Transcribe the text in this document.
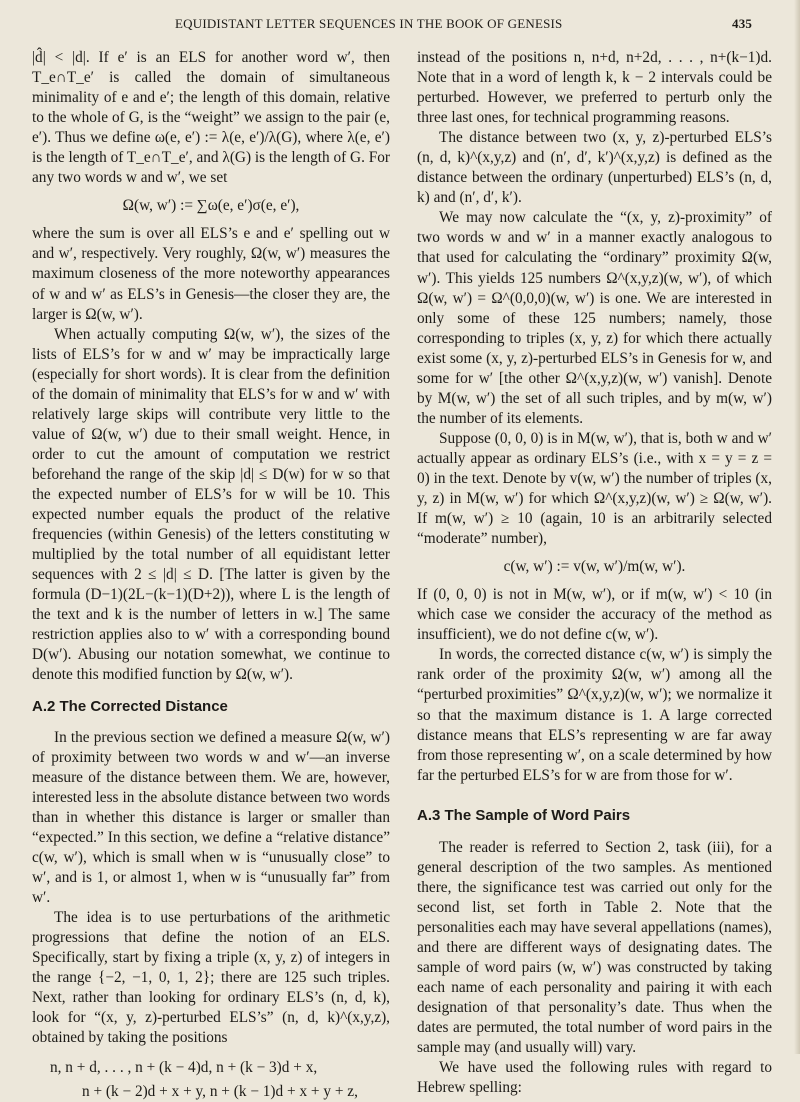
EQUIDISTANT LETTER SEQUENCES IN THE BOOK OF GENESIS	435

|d̂| < |d|. If e′ is an ELS for another word w′, then T_e∩T_e′ is called the domain of simultaneous minimality of e and e′; the length of this domain, relative to the whole of G, is the “weight” we assign to the pair (e, e′). Thus we define ω(e, e′) := λ(e, e′)/λ(G), where λ(e, e′) is the length of T_e∩T_e′, and λ(G) is the length of G. For any two words w and w′, we set

Ω(w, w′) := ∑ω(e, e′)σ(e, e′),

where the sum is over all ELS’s e and e′ spelling out w and w′, respectively. Very roughly, Ω(w, w′) measures the maximum closeness of the more noteworthy appearances of w and w′ as ELS’s in Genesis—the closer they are, the larger is Ω(w, w′).

When actually computing Ω(w, w′), the sizes of the lists of ELS’s for w and w′ may be impractically large (especially for short words). It is clear from the definition of the domain of minimality that ELS’s for w and w′ with relatively large skips will contribute very little to the value of Ω(w, w′) due to their small weight. Hence, in order to cut the amount of computation we restrict beforehand the range of the skip |d| ≤ D(w) for w so that the expected number of ELS’s for w will be 10. This expected number equals the product of the relative frequencies (within Genesis) of the letters constituting w multiplied by the total number of all equidistant letter sequences with 2 ≤ |d| ≤ D. [The latter is given by the formula (D−1)(2L−(k−1)(D+2)), where L is the length of the text and k is the number of letters in w.] The same restriction applies also to w′ with a corresponding bound D(w′). Abusing our notation somewhat, we continue to denote this modified function by Ω(w, w′).

A.2 The Corrected Distance

In the previous section we defined a measure Ω(w, w′) of proximity between two words w and w′—an inverse measure of the distance between them. We are, however, interested less in the absolute distance between two words than in whether this distance is larger or smaller than “expected.” In this section, we define a “relative distance” c(w, w′), which is small when w is “unusually close” to w′, and is 1, or almost 1, when w is “unusually far” from w′.

The idea is to use perturbations of the arithmetic progressions that define the notion of an ELS. Specifically, start by fixing a triple (x, y, z) of integers in the range {−2, −1, 0, 1, 2}; there are 125 such triples. Next, rather than looking for ordinary ELS’s (n, d, k), look for “(x, y, z)-perturbed ELS’s” (n, d, k)^(x,y,z), obtained by taking the positions

n, n + d, . . . , n + (k − 4)d, n + (k − 3)d + x,
n + (k − 2)d + x + y, n + (k − 1)d + x + y + z,

instead of the positions n, n+d, n+2d, . . . , n+(k−1)d. Note that in a word of length k, k − 2 intervals could be perturbed. However, we preferred to perturb only the three last ones, for technical programming reasons.

The distance between two (x, y, z)-perturbed ELS’s (n, d, k)^(x,y,z) and (n′, d′, k′)^(x,y,z) is defined as the distance between the ordinary (unperturbed) ELS’s (n, d, k) and (n′, d′, k′).

We may now calculate the “(x, y, z)-proximity” of two words w and w′ in a manner exactly analogous to that used for calculating the “ordinary” proximity Ω(w, w′). This yields 125 numbers Ω^(x,y,z)(w, w′), of which Ω(w, w′) = Ω^(0,0,0)(w, w′) is one. We are interested in only some of these 125 numbers; namely, those corresponding to triples (x, y, z) for which there actually exist some (x, y, z)-perturbed ELS’s in Genesis for w, and some for w′ [the other Ω^(x,y,z)(w, w′) vanish]. Denote by M(w, w′) the set of all such triples, and by m(w, w′) the number of its elements.

Suppose (0, 0, 0) is in M(w, w′), that is, both w and w′ actually appear as ordinary ELS’s (i.e., with x = y = z = 0) in the text. Denote by v(w, w′) the number of triples (x, y, z) in M(w, w′) for which Ω^(x,y,z)(w, w′) ≥ Ω(w, w′). If m(w, w′) ≥ 10 (again, 10 is an arbitrarily selected “moderate” number),

c(w, w′) := v(w, w′)/m(w, w′).

If (0, 0, 0) is not in M(w, w′), or if m(w, w′) < 10 (in which case we consider the accuracy of the method as insufficient), we do not define c(w, w′).

In words, the corrected distance c(w, w′) is simply the rank order of the proximity Ω(w, w′) among all the “perturbed proximities” Ω^(x,y,z)(w, w′); we normalize it so that the maximum distance is 1. A large corrected distance means that ELS’s representing w are far away from those representing w′, on a scale determined by how far the perturbed ELS’s for w are from those for w′.

A.3 The Sample of Word Pairs

The reader is referred to Section 2, task (iii), for a general description of the two samples. As mentioned there, the significance test was carried out only for the second list, set forth in Table 2. Note that the personalities each may have several appellations (names), and there are different ways of designating dates. The sample of word pairs (w, w′) was constructed by taking each name of each personality and pairing it with each designation of that personality’s date. Thus when the dates are permuted, the total number of word pairs in the sample may (and usually will) vary.

We have used the following rules with regard to Hebrew spelling:
